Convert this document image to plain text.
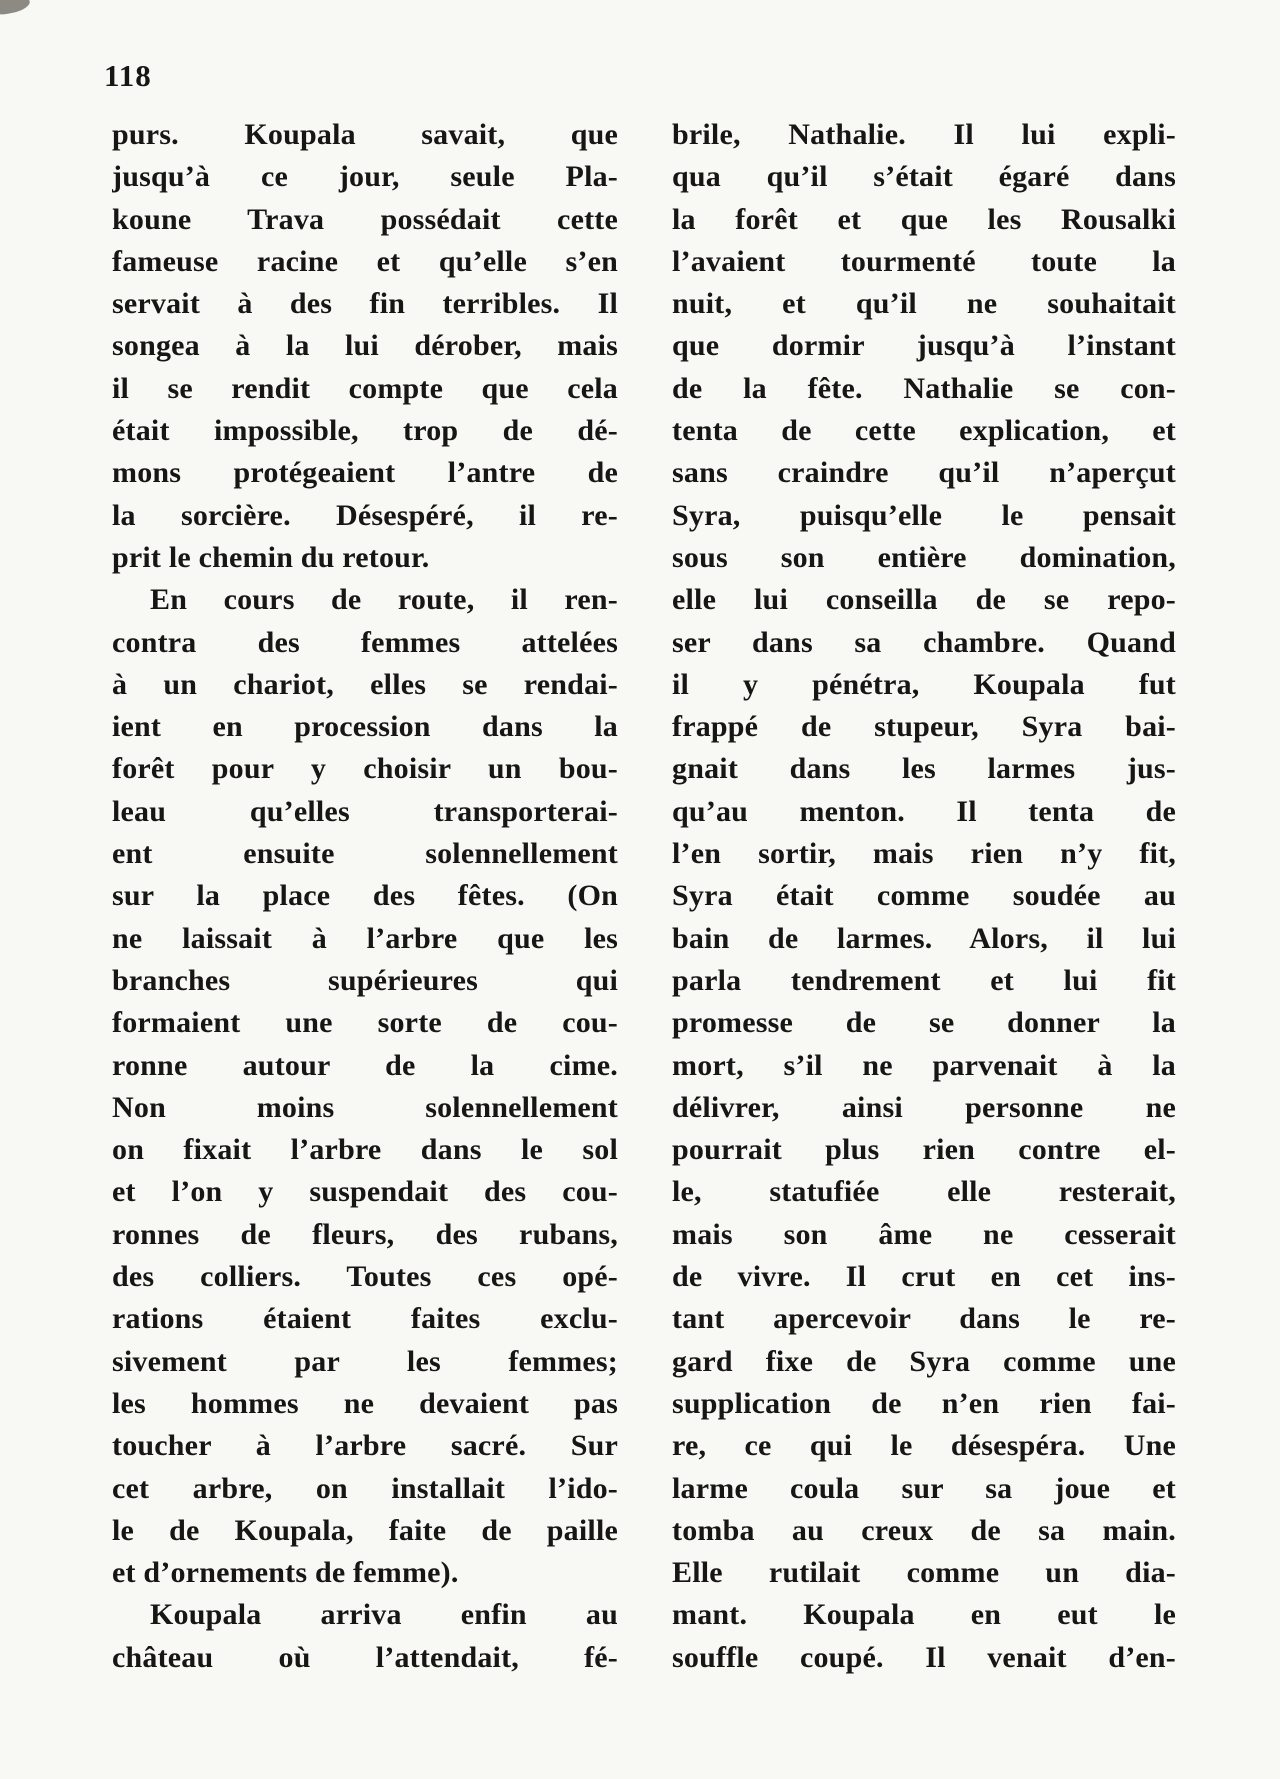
118
purs. Koupala savait, que
jusqu’à ce jour, seule Pla-
koune Trava possédait cette
fameuse racine et qu’elle s’en
servait à des fin terribles. Il
songea à la lui dérober, mais
il se rendit compte que cela
était impossible, trop de dé-
mons protégeaient l’antre de
la sorcière. Désespéré, il re-
prit le chemin du retour.
En cours de route, il ren-
contra des femmes attelées
à un chariot, elles se rendai-
ient en procession dans la
forêt pour y choisir un bou-
leau qu’elles transporterai-
ent ensuite solennellement
sur la place des fêtes. (On
ne laissait à l’arbre que les
branches supérieures qui
formaient une sorte de cou-
ronne autour de la cime.
Non moins solennellement
on fixait l’arbre dans le sol
et l’on y suspendait des cou-
ronnes de fleurs, des rubans,
des colliers. Toutes ces opé-
rations étaient faites exclu-
sivement par les femmes;
les hommes ne devaient pas
toucher à l’arbre sacré. Sur
cet arbre, on installait l’ido-
le de Koupala, faite de paille
et d’ornements de femme).
Koupala arriva enfin au
château où l’attendait, fé-
brile, Nathalie. Il lui expli-
qua qu’il s’était égaré dans
la forêt et que les Rousalki
l’avaient tourmenté toute la
nuit, et qu’il ne souhaitait
que dormir jusqu’à l’instant
de la fête. Nathalie se con-
tenta de cette explication, et
sans craindre qu’il n’aperçut
Syra, puisqu’elle le pensait
sous son entière domination,
elle lui conseilla de se repo-
ser dans sa chambre. Quand
il y pénétra, Koupala fut
frappé de stupeur, Syra bai-
gnait dans les larmes jus-
qu’au menton. Il tenta de
l’en sortir, mais rien n’y fit,
Syra était comme soudée au
bain de larmes. Alors, il lui
parla tendrement et lui fit
promesse de se donner la
mort, s’il ne parvenait à la
délivrer, ainsi personne ne
pourrait plus rien contre el-
le, statufiée elle resterait,
mais son âme ne cesserait
de vivre. Il crut en cet ins-
tant apercevoir dans le re-
gard fixe de Syra comme une
supplication de n’en rien fai-
re, ce qui le désespéra. Une
larme coula sur sa joue et
tomba au creux de sa main.
Elle rutilait comme un dia-
mant. Koupala en eut le
souffle coupé. Il venait d’en-
